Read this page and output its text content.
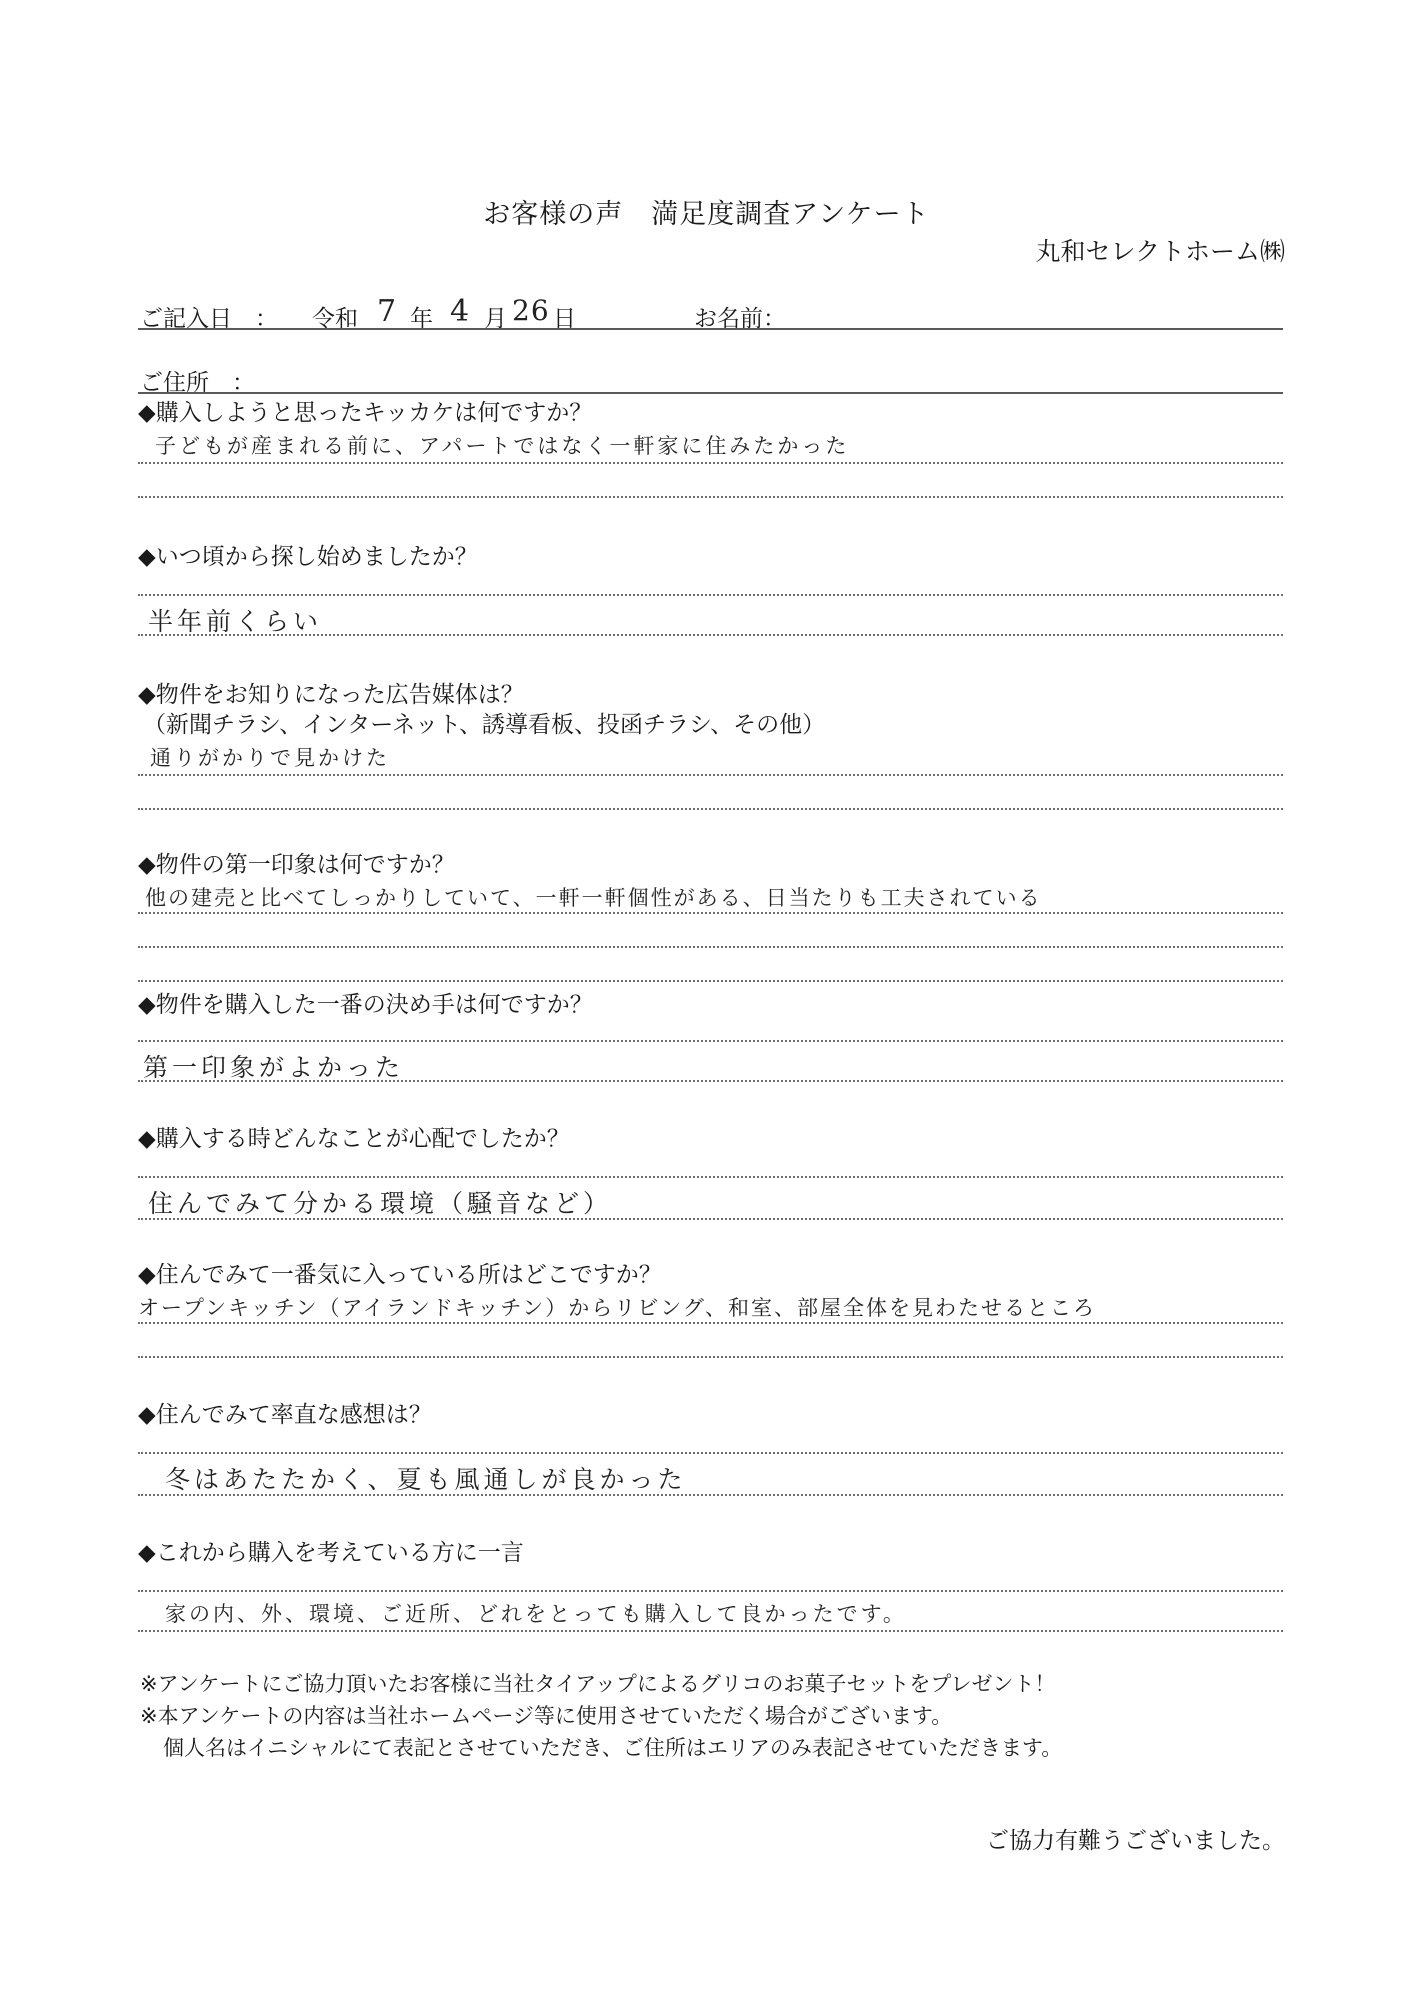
お客様の声　満足度調査アンケート
丸和セレクトホーム㈱
ご記入日　： 令和 7 年 4 月 26 日	お名前：
ご住所　：
◆購入しようと思ったキッカケは何ですか？
子どもが産まれる前に、アパートではなく一軒家に住みたかった
◆いつ頃から探し始めましたか？
半年前くらい
◆物件をお知りになった広告媒体は？
（新聞チラシ、インターネット、誘導看板、投函チラシ、その他）
通りがかりで見かけた
◆物件の第一印象は何ですか？
他の建売と比べてしっかりしていて、一軒一軒個性がある、日当たりも工夫されている
◆物件を購入した一番の決め手は何ですか？
第一印象がよかった
◆購入する時どんなことが心配でしたか？
住んでみて分かる環境（騒音など）
◆住んでみて一番気に入っている所はどこですか？
オープンキッチン（アイランドキッチン）からリビング、和室、部屋全体を見わたせるところ
◆住んでみて率直な感想は？
冬はあたたかく、夏も風通しが良かった
◆これから購入を考えている方に一言
家の内、外、環境、ご近所、どれをとっても購入して良かったです。
※アンケートにご協力頂いたお客様に当社タイアップによるグリコのお菓子セットをプレゼント！
※本アンケートの内容は当社ホームページ等に使用させていただく場合がございます。
個人名はイニシャルにて表記とさせていただき、ご住所はエリアのみ表記させていただきます。
ご協力有難うございました。
